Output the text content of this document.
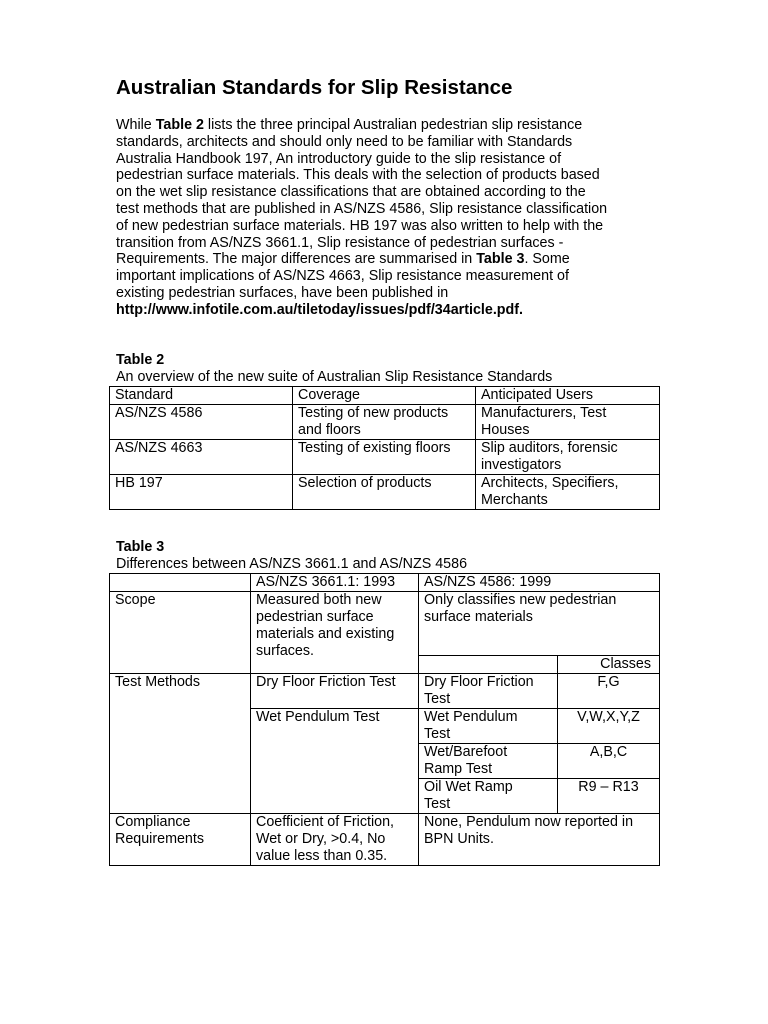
Australian Standards for Slip Resistance
While Table 2 lists the three principal Australian pedestrian slip resistance
standards, architects and should only need to be familiar with Standards
Australia Handbook 197, An introductory guide to the slip resistance of
pedestrian surface materials. This deals with the selection of products based
on the wet slip resistance classifications that are obtained according to the
test methods that are published in AS/NZS 4586, Slip resistance classification
of new pedestrian surface materials. HB 197 was also written to help with the
transition from AS/NZS 3661.1, Slip resistance of pedestrian surfaces -
Requirements. The major differences are summarised in Table 3. Some
important implications of AS/NZS 4663, Slip resistance measurement of
existing pedestrian surfaces, have been published in
http://www.infotile.com.au/tiletoday/issues/pdf/34article.pdf.
Table 2
An overview of the new suite of Australian Slip Resistance Standards
Standard	Coverage	Anticipated Users
AS/NZS 4586	Testing of new products
and floors	Manufacturers, Test
Houses
AS/NZS 4663	Testing of existing floors	Slip auditors, forensic
investigators
HB 197	Selection of products	Architects, Specifiers,
Merchants
Table 3
Differences between AS/NZS 3661.1 and AS/NZS 4586
	AS/NZS 3661.1: 1993	AS/NZS 4586: 1999	
Scope	Measured both new
pedestrian surface
materials and existing
surfaces.	Only classifies new pedestrian
surface materials	
			Classes
Test Methods	Dry Floor Friction Test	Dry Floor Friction
Test	F,G
	Wet Pendulum Test	Wet Pendulum
Test	V,W,X,Y,Z
		Wet/Barefoot
Ramp Test	A,B,C
		Oil Wet Ramp
Test	R9 – R13
Compliance
Requirements	Coefficient of Friction,
Wet or Dry, >0.4, No
value less than 0.35.	None, Pendulum now reported in
BPN Units.	
